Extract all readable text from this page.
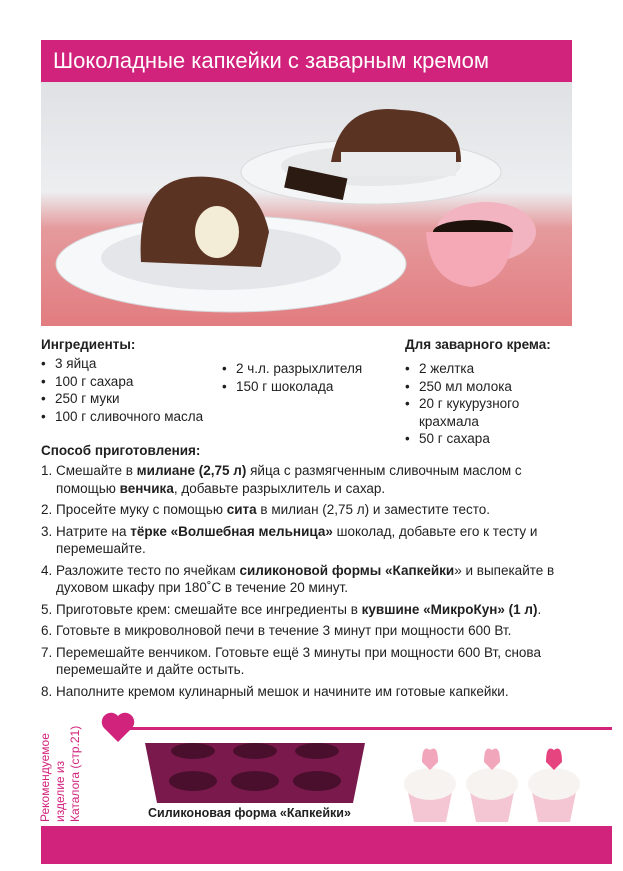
Шоколадные капкейки с заварным кремом
Ингредиенты:
• 3 яйца
• 100 г сахара
• 250 г муки
• 100 г сливочного масла
• 2 ч.л. разрыхлителя
• 150 г шоколада
Для заварного крема:
• 2 желтка
• 250 мл молока
• 20 г кукурузного крахмала
• 50 г сахара
Способ приготовления:
1. Смешайте в милиане (2,75 л) яйца с размягченным сливочным маслом с помощью венчика, добавьте разрыхлитель и сахар.
2. Просейте муку с помощью сита в милиан (2,75 л) и заместите тесто.
3. Натрите на тёрке «Волшебная мельница» шоколад, добавьте его к тесту и перемешайте.
4. Разложите тесто по ячейкам силиконовой формы «Капкейки» и выпекайте в духовом шкафу при 180˚С в течение 20 минут.
5. Приготовьте крем: смешайте все ингредиенты в кувшине «МикроКун» (1 л).
6. Готовьте в микроволновой печи в течение 3 минут при мощности 600 Вт.
7. Перемешайте венчиком. Готовьте ещё 3 минуты при мощности 600 Вт, снова перемешайте и дайте остыть.
8. Наполните кремом кулинарный мешок и начините им готовые капкейки.
Рекомендуемое изделие из Каталога (стр.21)	Силиконовая форма «Капкейки»
